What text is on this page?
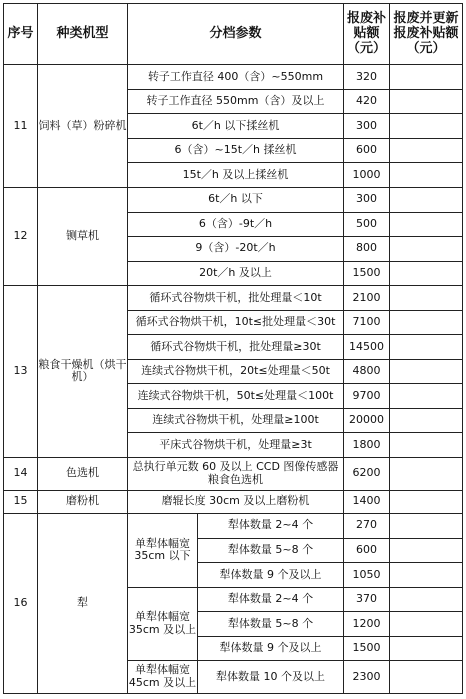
序号	种类机型	分档参数		报废补贴额（元）	报废并更新报废补贴额（元）
11	饲料（草）粉碎机	转子工作直径 400（含）~550mm		320	
		转子工作直径 550mm（含）及以上		420	
		6t／h 以下揉丝机		300	
		6（含）~15t／h 揉丝机		600	
		15t／h 及以上揉丝机		1000	
12	铡草机	6t／h 以下		300	
		6（含）-9t／h		500	
		9（含）-20t／h		800	
		20t／h 及以上		1500	
13	粮食干燥机（烘干机）	循环式谷物烘干机，批处理量＜10t		2100	
		循环式谷物烘干机，10t≤批处理量＜30t		7100	
		循环式谷物烘干机，批处理量≥30t		14500	
		连续式谷物烘干机，20t≤处理量＜50t		4800	
		连续式谷物烘干机，50t≤处理量＜100t		9700	
		连续式谷物烘干机，处理量≥100t		20000	
		平床式谷物烘干机，处理量≥3t		1800	
14	色选机	总执行单元数 60 及以上 CCD 图像传感器粮食色选机		6200	
15	磨粉机	磨辊长度 30cm 及以上磨粉机		1400	
16	犁	单犁体幅宽 35cm 以下	犁体数量 2~4 个	270	
			犁体数量 5~8 个	600	
			犁体数量 9 个及以上	1050	
		单犁体幅宽 35cm 及以上	犁体数量 2~4 个	370	
			犁体数量 5~8 个	1200	
			犁体数量 9 个及以上	1500	
		单犁体幅宽 45cm 及以上	犁体数量 10 个及以上	2300	
